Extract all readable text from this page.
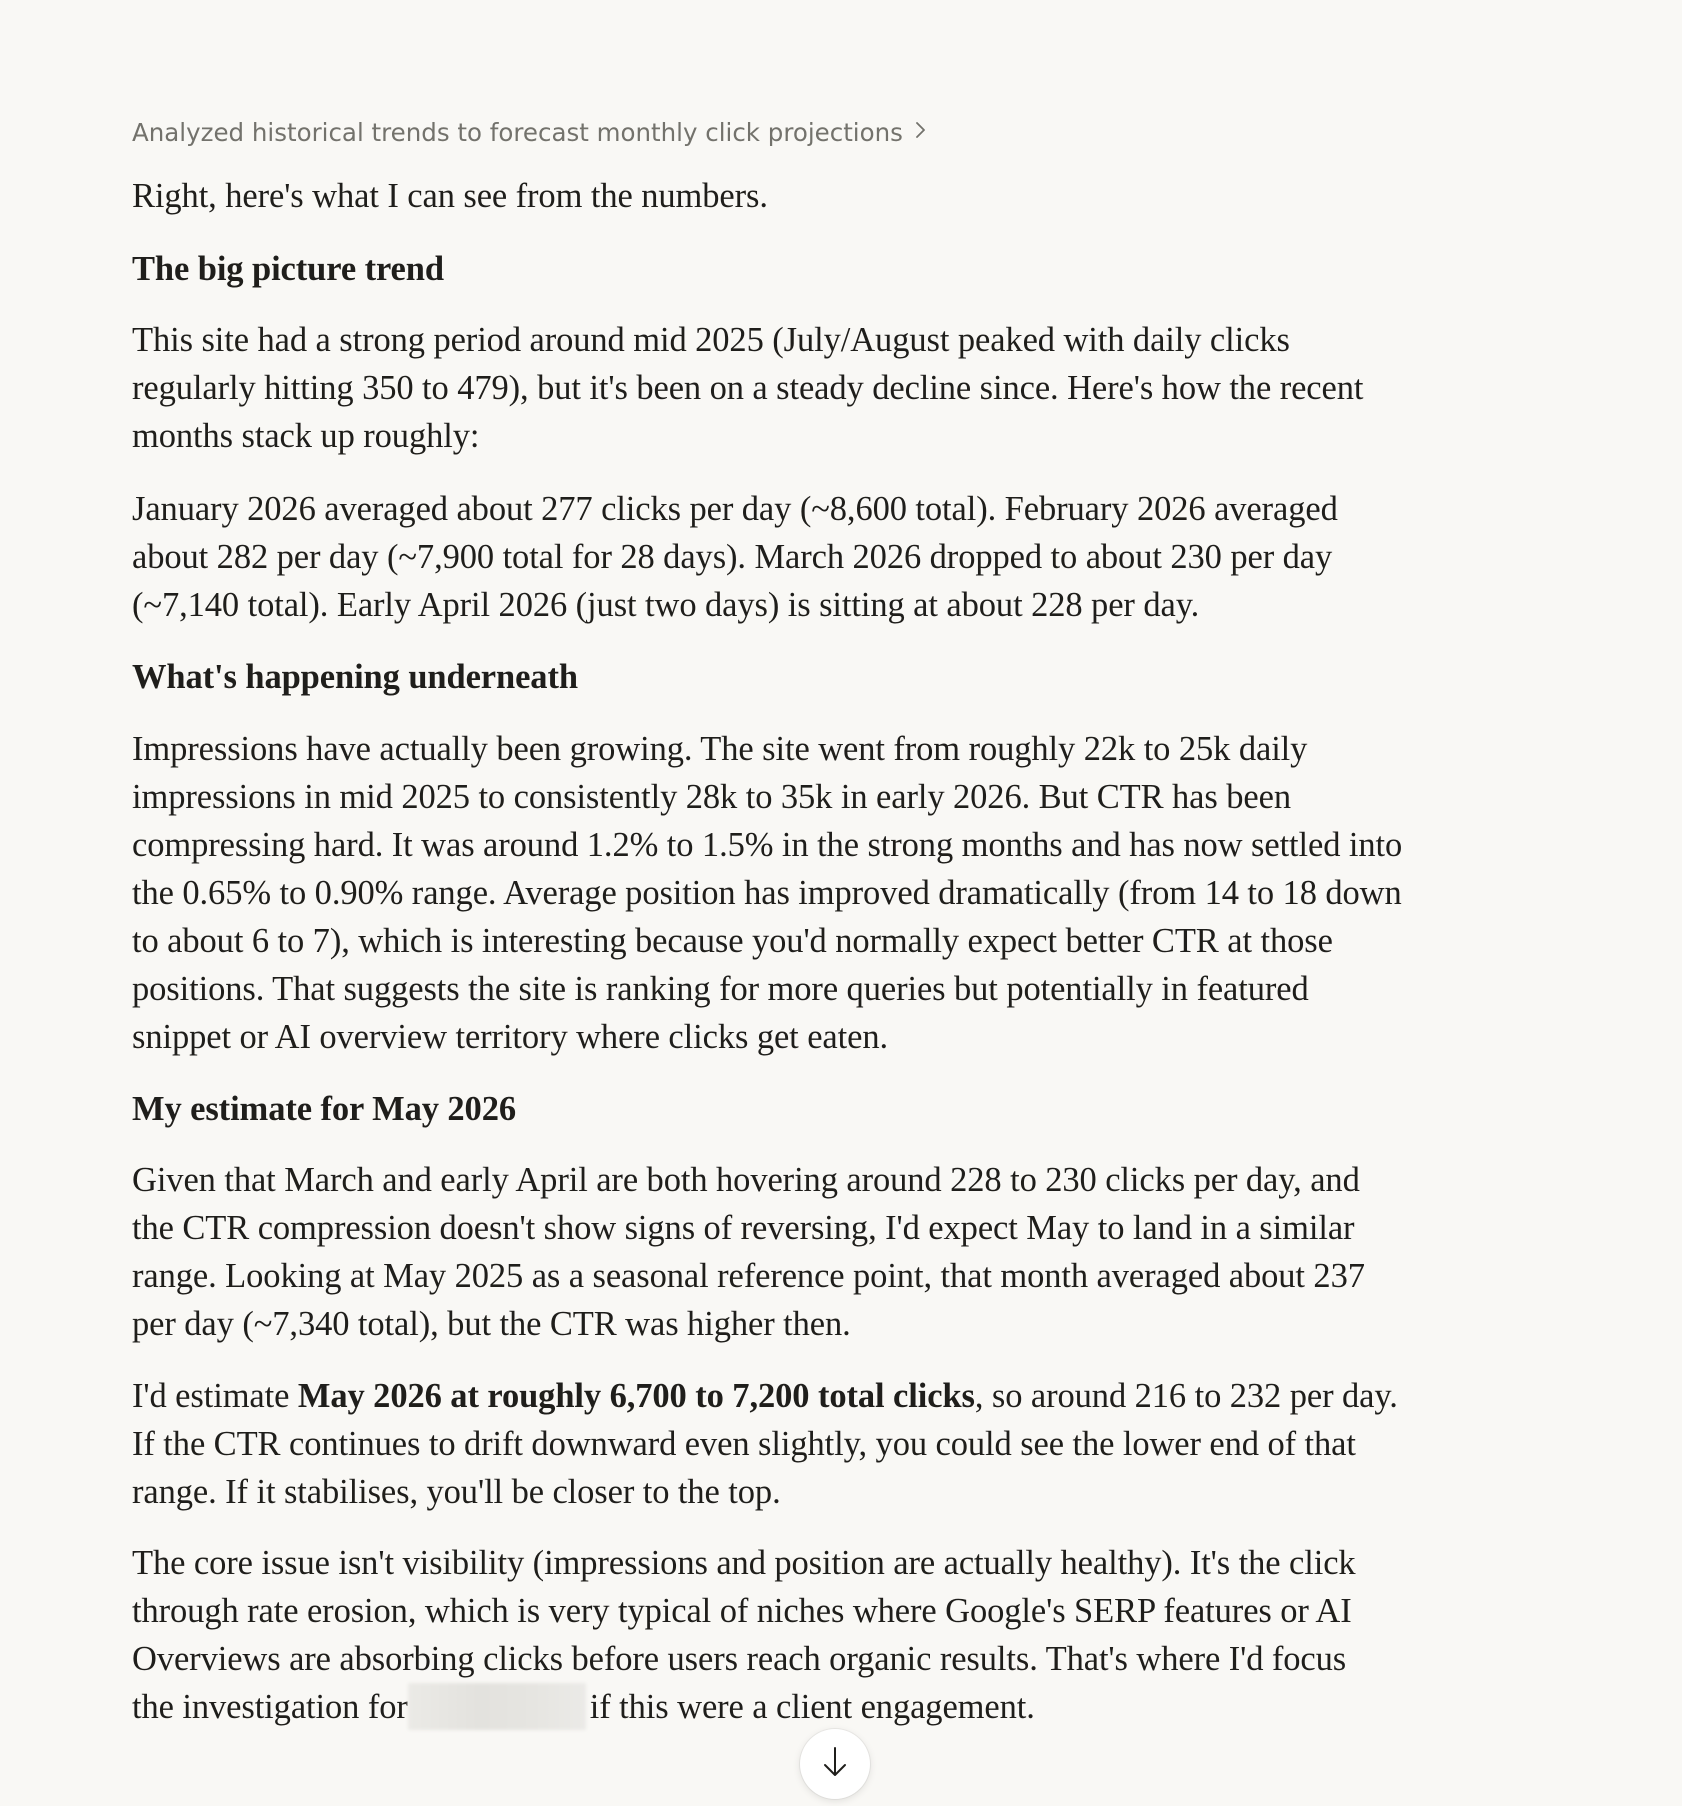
Analyzed historical trends to forecast monthly click projections
Right, here's what I can see from the numbers.
The big picture trend
This site had a strong period around mid 2025 (July/August peaked with daily clicks
regularly hitting 350 to 479), but it's been on a steady decline since. Here's how the recent
months stack up roughly:
January 2026 averaged about 277 clicks per day (~8,600 total). February 2026 averaged
about 282 per day (~7,900 total for 28 days). March 2026 dropped to about 230 per day
(~7,140 total). Early April 2026 (just two days) is sitting at about 228 per day.
What's happening underneath
Impressions have actually been growing. The site went from roughly 22k to 25k daily
impressions in mid 2025 to consistently 28k to 35k in early 2026. But CTR has been
compressing hard. It was around 1.2% to 1.5% in the strong months and has now settled into
the 0.65% to 0.90% range. Average position has improved dramatically (from 14 to 18 down
to about 6 to 7), which is interesting because you'd normally expect better CTR at those
positions. That suggests the site is ranking for more queries but potentially in featured
snippet or AI overview territory where clicks get eaten.
My estimate for May 2026
Given that March and early April are both hovering around 228 to 230 clicks per day, and
the CTR compression doesn't show signs of reversing, I'd expect May to land in a similar
range. Looking at May 2025 as a seasonal reference point, that month averaged about 237
per day (~7,340 total), but the CTR was higher then.
I'd estimate May 2026 at roughly 6,700 to 7,200 total clicks, so around 216 to 232 per day.
If the CTR continues to drift downward even slightly, you could see the lower end of that
range. If it stabilises, you'll be closer to the top.
The core issue isn't visibility (impressions and position are actually healthy). It's the click
through rate erosion, which is very typical of niches where Google's SERP features or AI
Overviews are absorbing clicks before users reach organic results. That's where I'd focus
the investigation for	if this were a client engagement.
